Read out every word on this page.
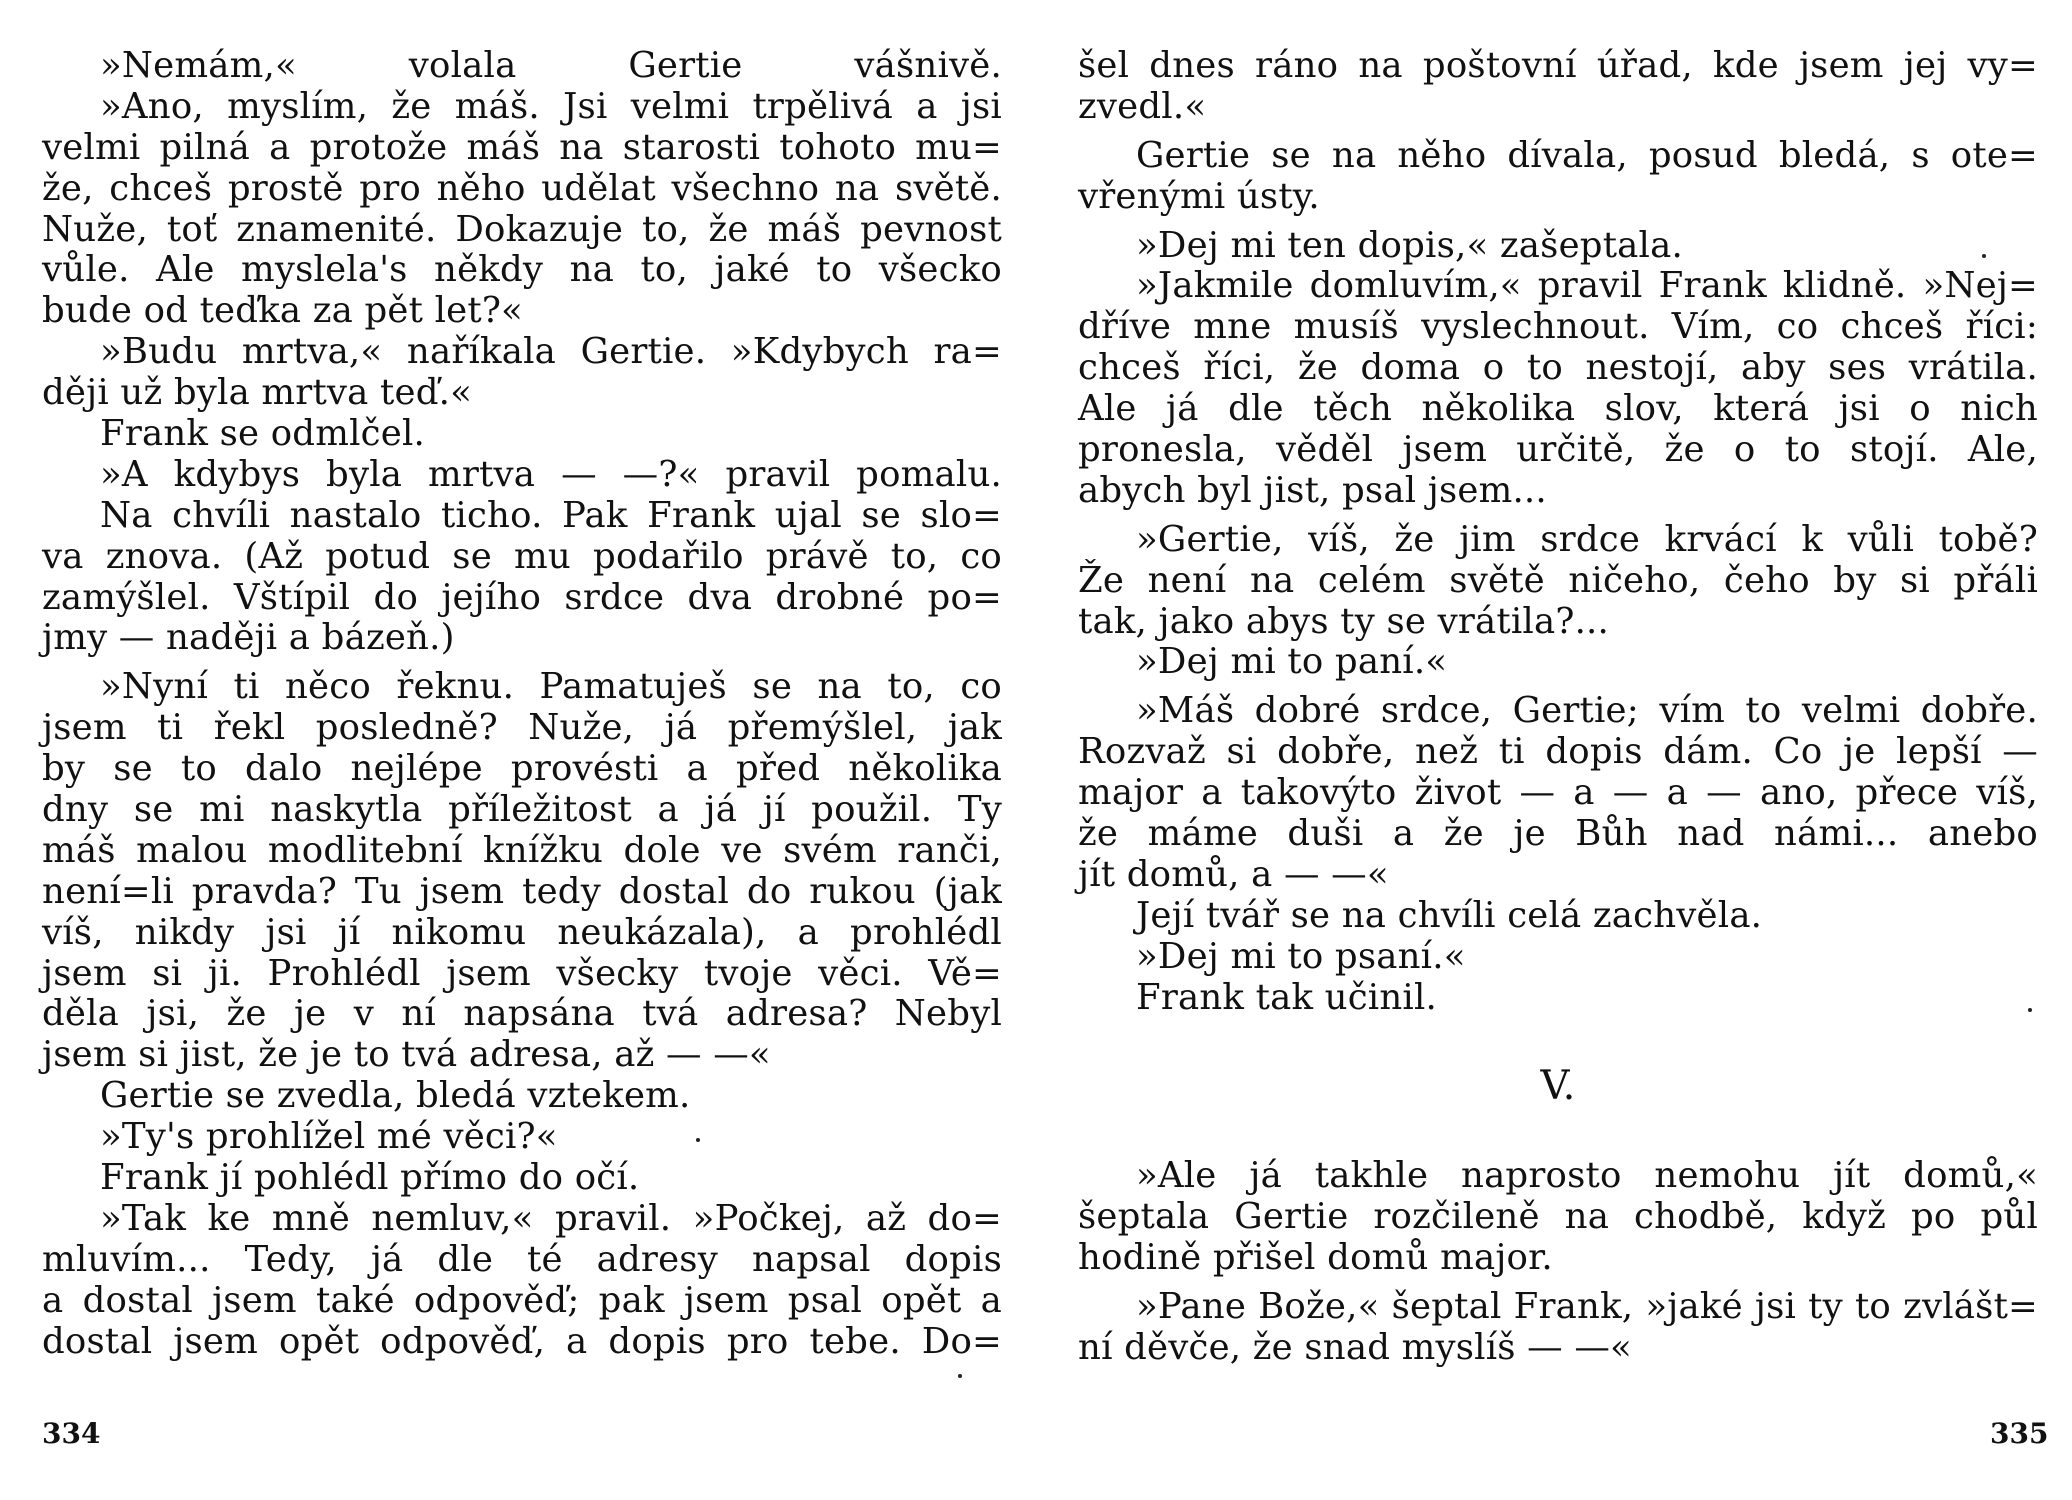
»Nemám,« volala Gertie vášnivě.
»Ano, myslím, že máš. Jsi velmi trpělivá a jsi
velmi pilná a protože máš na starosti tohoto mu=
že, chceš prostě pro něho udělat všechno na světě.
Nuže, toť znamenité. Dokazuje to, že máš pevnost
vůle. Ale myslela's někdy na to, jaké to všecko
bude od teďka za pět let?«
»Budu mrtva,« naříkala Gertie. »Kdybych ra=
ději už byla mrtva teď.«
Frank se odmlčel.
»A kdybys byla mrtva — —?« pravil pomalu.
Na chvíli nastalo ticho. Pak Frank ujal se slo=
va znova. (Až potud se mu podařilo právě to, co
zamýšlel. Vštípil do jejího srdce dva drobné po=
jmy — naději a bázeň.)
»Nyní ti něco řeknu. Pamatuješ se na to, co
jsem ti řekl posledně? Nuže, já přemýšlel, jak
by se to dalo nejlépe provésti a před několika
dny se mi naskytla příležitost a já jí použil. Ty
máš malou modlitební knížku dole ve svém ranči,
není=li pravda? Tu jsem tedy dostal do rukou (jak
víš, nikdy jsi jí nikomu neukázala), a prohlédl
jsem si ji. Prohlédl jsem všecky tvoje věci. Vě=
děla jsi, že je v ní napsána tvá adresa? Nebyl
jsem si jist, že je to tvá adresa, až — —«
Gertie se zvedla, bledá vztekem.
»Ty's prohlížel mé věci?«
Frank jí pohlédl přímo do očí.
»Tak ke mně nemluv,« pravil. »Počkej, až do=
mluvím... Tedy, já dle té adresy napsal dopis
a dostal jsem také odpověď; pak jsem psal opět a
dostal jsem opět odpověď, a dopis pro tebe. Do=
šel dnes ráno na poštovní úřad, kde jsem jej vy=
zvedl.«
Gertie se na něho dívala, posud bledá, s ote=
vřenými ústy.
»Dej mi ten dopis,« zašeptala.
»Jakmile domluvím,« pravil Frank klidně. »Nej=
dříve mne musíš vyslechnout. Vím, co chceš říci:
chceš říci, že doma o to nestojí, aby ses vrátila.
Ale já dle těch několika slov, která jsi o nich
pronesla, věděl jsem určitě, že o to stojí. Ale,
abych byl jist, psal jsem...
»Gertie, víš, že jim srdce krvácí k vůli tobě?
Že není na celém světě ničeho, čeho by si přáli
tak, jako abys ty se vrátila?...
»Dej mi to paní.«
»Máš dobré srdce, Gertie; vím to velmi dobře.
Rozvaž si dobře, než ti dopis dám. Co je lepší —
major a takovýto život — a — a — ano, přece víš,
že máme duši a že je Bůh nad námi... anebo
jít domů, a — —«
Její tvář se na chvíli celá zachvěla.
»Dej mi to psaní.«
Frank tak učinil.
V.
»Ale já takhle naprosto nemohu jít domů,«
šeptala Gertie rozčileně na chodbě, když po půl
hodině přišel domů major.
»Pane Bože,« šeptal Frank, »jaké jsi ty to zvlášt=
ní děvče, že snad myslíš — —«
334	335
